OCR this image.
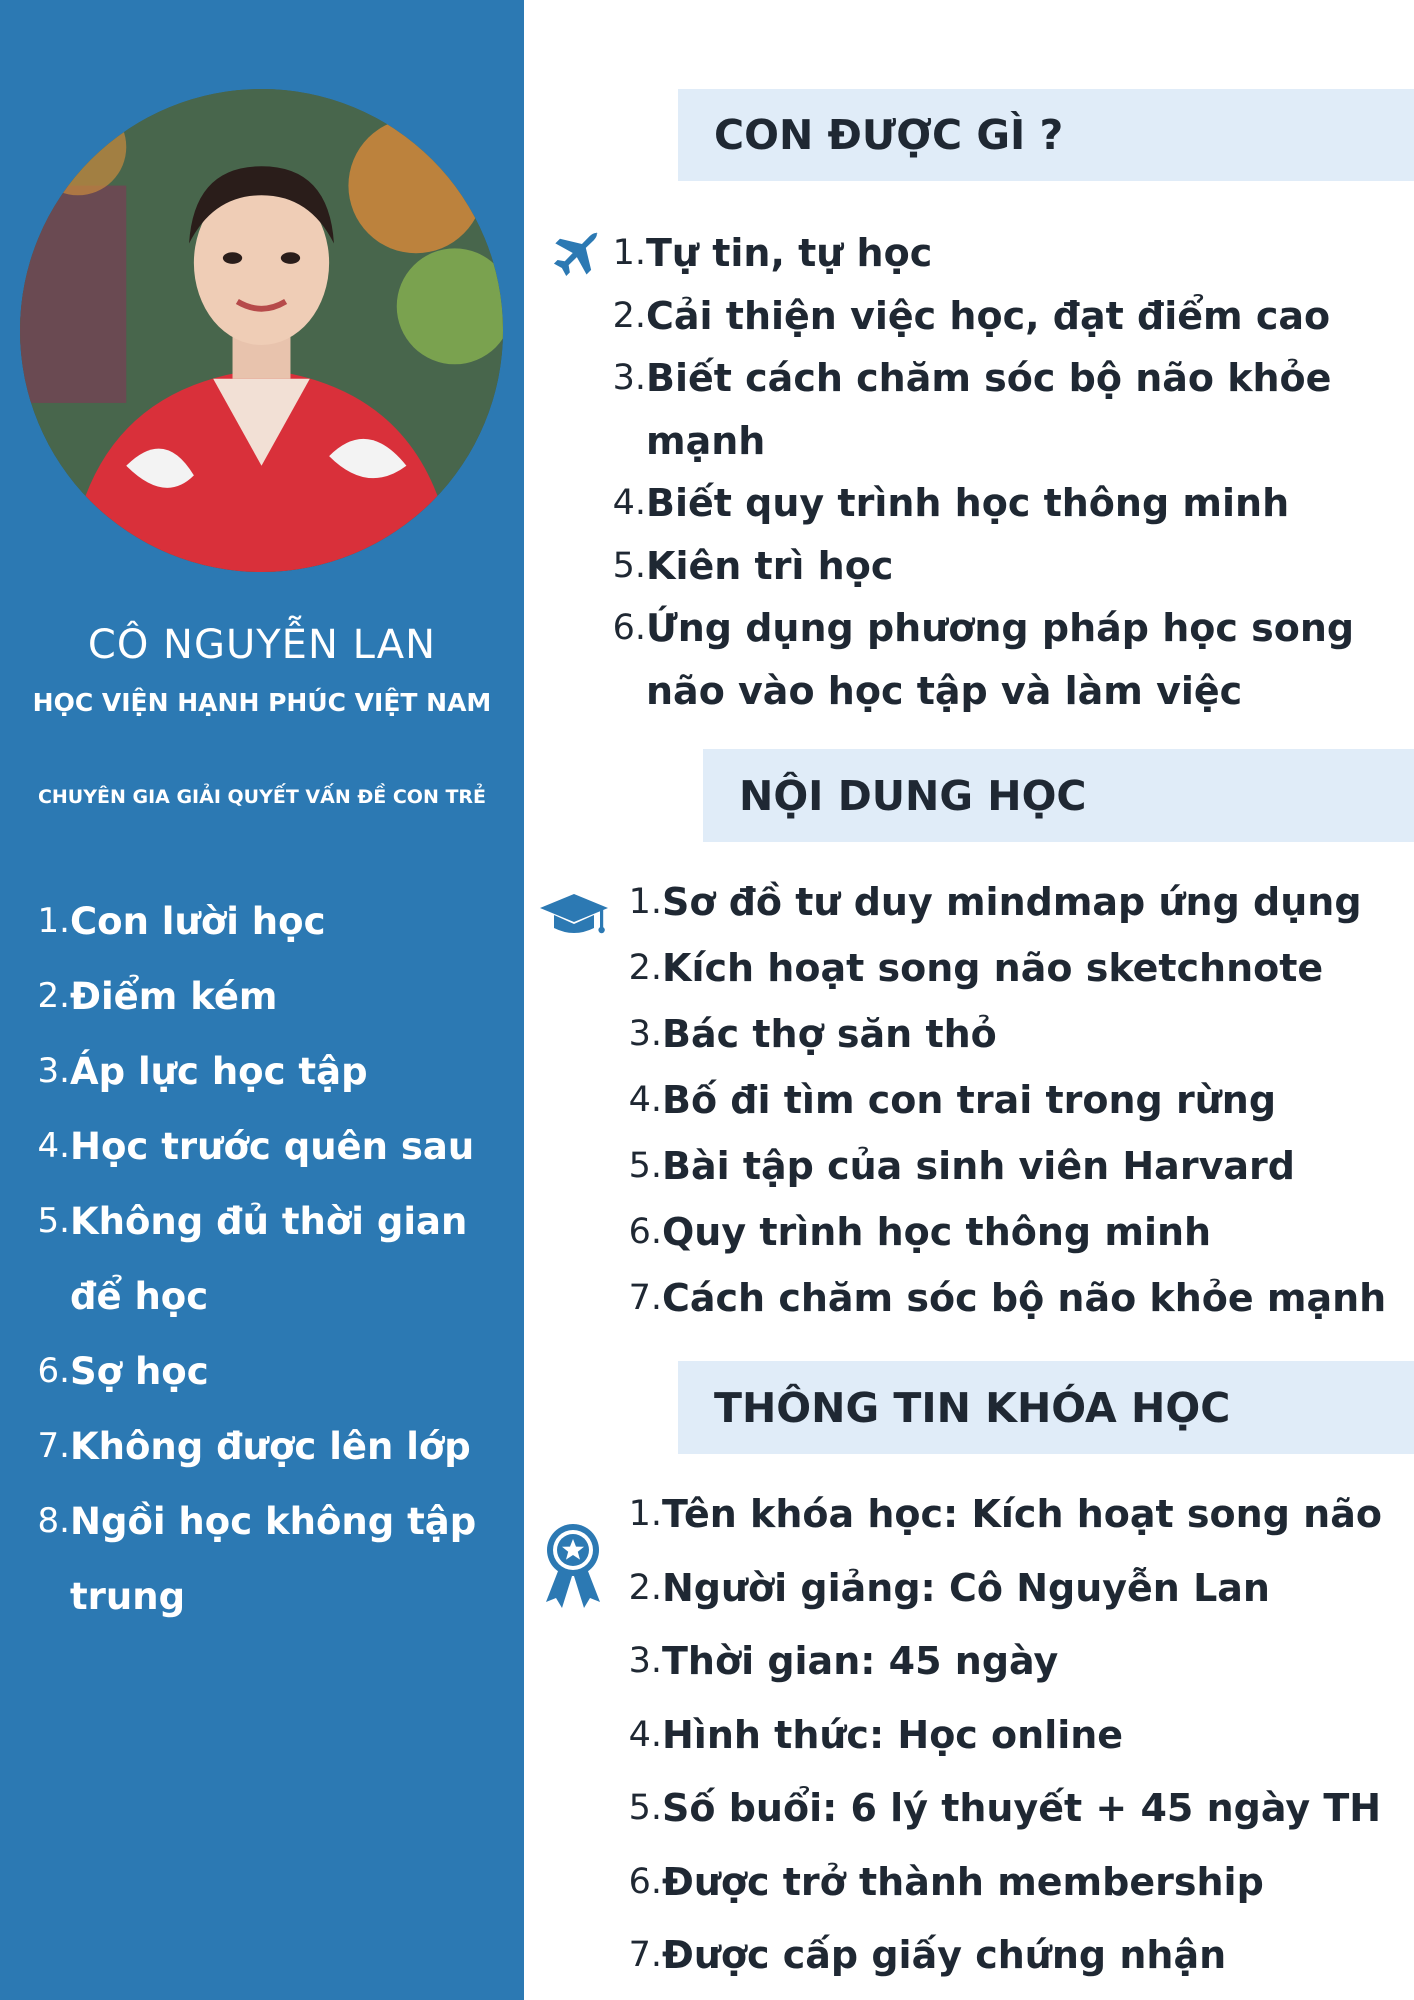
CÔ NGUYỄN LAN
HỌC VIỆN HẠNH PHÚC VIỆT NAM
CHUYÊN GIA GIẢI QUYẾT VẤN ĐỀ CON TRẺ
1. Con lười học
2. Điểm kém
3. Áp lực học tập
4. Học trước quên sau
5. Không đủ thời gian để học
6. Sợ học
7. Không được lên lớp
8. Ngồi học không tập trung
CON ĐƯỢC GÌ ?
1. Tự tin, tự học
2. Cải thiện việc học, đạt điểm cao
3. Biết cách chăm sóc bộ não khỏe mạnh
4. Biết quy trình học thông minh
5. Kiên trì học
6. Ứng dụng phương pháp học song não vào học tập và làm việc
NỘI DUNG HỌC
1. Sơ đồ tư duy mindmap ứng dụng
2. Kích hoạt song não sketchnote
3. Bác thợ săn thỏ
4. Bố đi tìm con trai trong rừng
5. Bài tập của sinh viên Harvard
6. Quy trình học thông minh
7. Cách chăm sóc bộ não khỏe mạnh
THÔNG TIN KHÓA HỌC
1. Tên khóa học: Kích hoạt song não
2. Người giảng: Cô Nguyễn Lan
3. Thời gian: 45 ngày
4. Hình thức: Học online
5. Số buổi: 6 lý thuyết + 45 ngày TH
6. Được trở thành membership
7. Được cấp giấy chứng nhận
